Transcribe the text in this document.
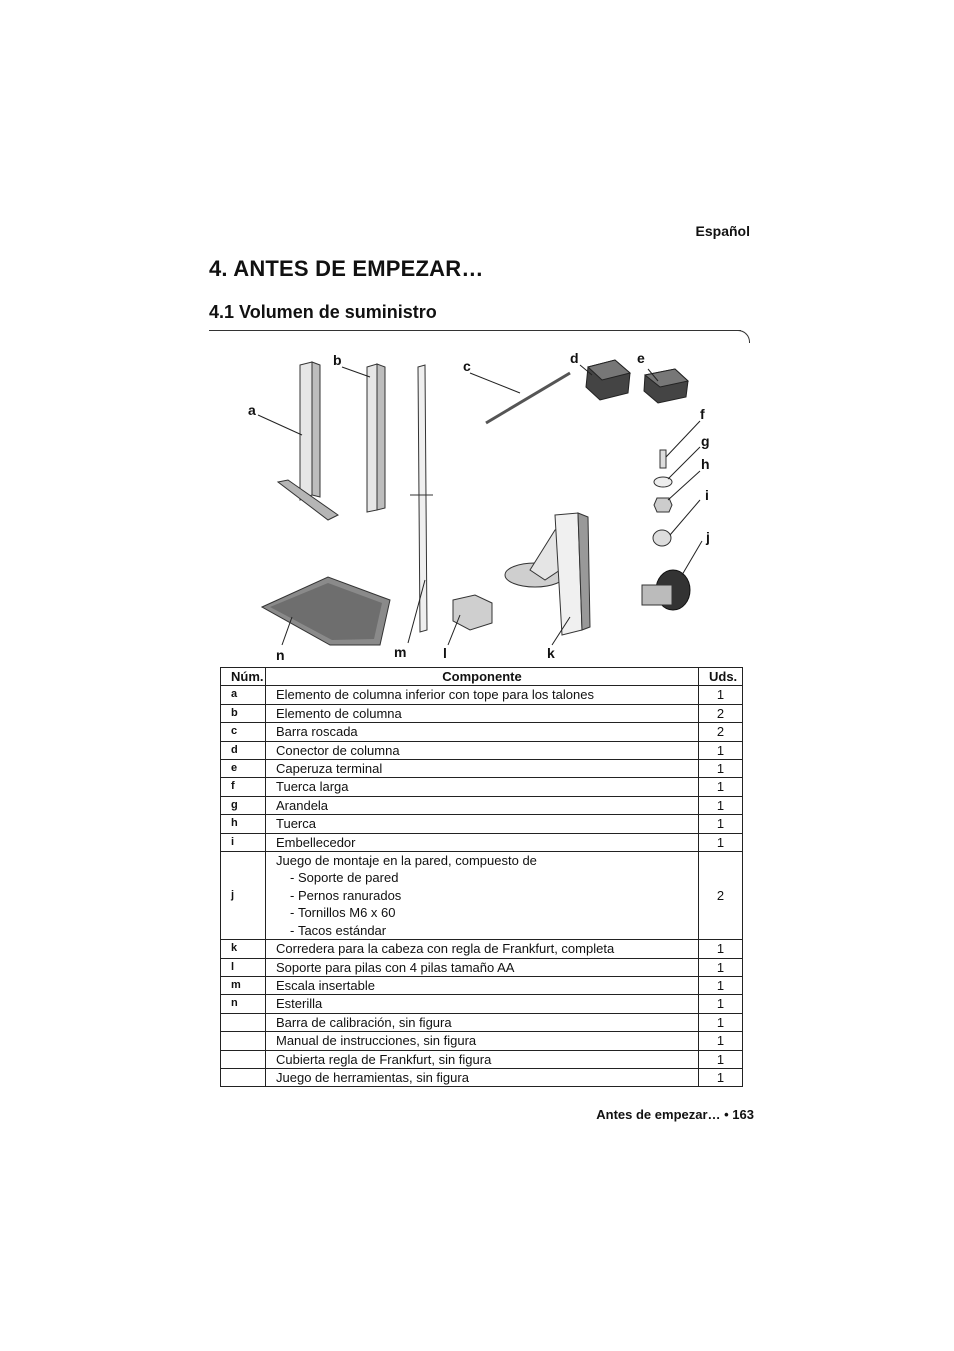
Español
4. ANTES DE EMPEZAR…
4.1 Volumen de suministro
a
b	c	d	e
f
g
h
i
j
k
l
m
n
Núm.	Componente	Uds.
a	Elemento de columna inferior con tope para los talones	1
b	Elemento de columna	2
c	Barra roscada	2
d	Conector de columna	1
e	Caperuza terminal	1
f	Tuerca larga	1
g	Arandela	1
h	Tuerca	1
i	Embellecedor	1
j	Juego de montaje en la pared, compuesto de
- Soporte de pared
- Pernos ranurados
- Tornillos M6 x 60
- Tacos estándar	2
k	Corredera para la cabeza con regla de Frankfurt, completa	1
l	Soporte para pilas con 4 pilas tamaño AA	1
m	Escala insertable	1
n	Esterilla	1
	Barra de calibración, sin figura	1
	Manual de instrucciones, sin figura	1
	Cubierta regla de Frankfurt, sin figura	1
	Juego de herramientas, sin figura	1
Antes de empezar… • 163
